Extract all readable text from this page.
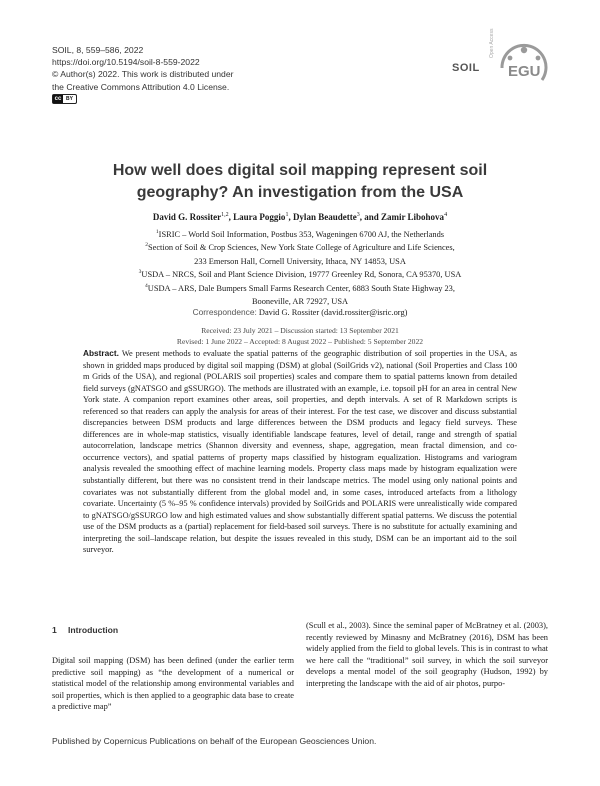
SOIL, 8, 559–586, 2022
https://doi.org/10.5194/soil-8-559-2022
© Author(s) 2022. This work is distributed under
the Creative Commons Attribution 4.0 License.
cc BY
EGU
SOIL
Open Access
How well does digital soil mapping represent soil
geography? An investigation from the USA
David G. Rossiter$^{1,2}$, Laura Poggio$^1$, Dylan Beaudette$^3$, and Zamir Libohova$^4$
$^1$ISRIC – World Soil Information, Postbus 353, Wageningen 6700 AJ, the Netherlands
$^2$Section of Soil & Crop Sciences, New York State College of Agriculture and Life Sciences,
233 Emerson Hall, Cornell University, Ithaca, NY 14853, USA
$^3$USDA – NRCS, Soil and Plant Science Division, 19777 Greenley Rd, Sonora, CA 95370, USA
$^4$USDA – ARS, Dale Bumpers Small Farms Research Center, 6883 South State Highway 23,
Booneville, AR 72927, USA
Correspondence: David G. Rossiter (david.rossiter@isric.org)
Received: 23 July 2021 – Discussion started: 13 September 2021
Revised: 1 June 2022 – Accepted: 8 August 2022 – Published: 5 September 2022
Abstract. We present methods to evaluate the spatial patterns of the geographic distribution of soil properties in the USA, as shown in gridded maps produced by digital soil mapping (DSM) at global (SoilGrids v2), national (Soil Properties and Class 100 m Grids of the USA), and regional (POLARIS soil properties) scales and compare them to spatial patterns known from detailed field surveys (gNATSGO and gSSURGO). The methods are illustrated with an example, i.e. topsoil pH for an area in central New York state. A companion report examines other areas, soil properties, and depth intervals. A set of R Markdown scripts is referenced so that readers can apply the analysis for areas of their interest. For the test case, we discover and discuss substantial discrepancies between DSM products and large differences between the DSM products and legacy field surveys. These differences are in whole-map statistics, visually identifiable landscape features, level of detail, range and strength of spatial autocorrelation, landscape metrics (Shannon diversity and evenness, shape, aggregation, mean fractal dimension, and co-occurrence vectors), and spatial patterns of property maps classified by histogram equalization. Histograms and variogram analysis revealed the smoothing effect of machine learning models. Property class maps made by histogram equalization were substantially different, but there was no consistent trend in their landscape metrics. The model using only national points and covariates was not substantially different from the global model and, in some cases, introduced artefacts from a lithology covariate. Uncertainty (5 %–95 % confidence intervals) provided by SoilGrids and POLARIS were unrealistically wide compared to gNATSGO/gSSURGO low and high estimated values and show substantially different spatial patterns. We discuss the potential use of the DSM products as a (partial) replacement for field-based soil surveys. There is no substitute for actually examining and interpreting the soil–landscape relation, but despite the issues revealed in this study, DSM can be an important aid to the soil surveyor.
1 Introduction
Digital soil mapping (DSM) has been defined (under the earlier term predictive soil mapping) as “the development of a numerical or statistical model of the relationship among environmental variables and soil properties, which is then applied to a geographic data base to create a predictive map”
(Scull et al., 2003). Since the seminal paper of McBratney et al. (2003), recently reviewed by Minasny and McBratney (2016), DSM has been widely applied from the field to global levels. This is in contrast to what we here call the “traditional” soil survey, in which the soil surveyor develops a mental model of the soil geography (Hudson, 1992) by interpreting the landscape with the aid of air photos, purpo-
Published by Copernicus Publications on behalf of the European Geosciences Union.
